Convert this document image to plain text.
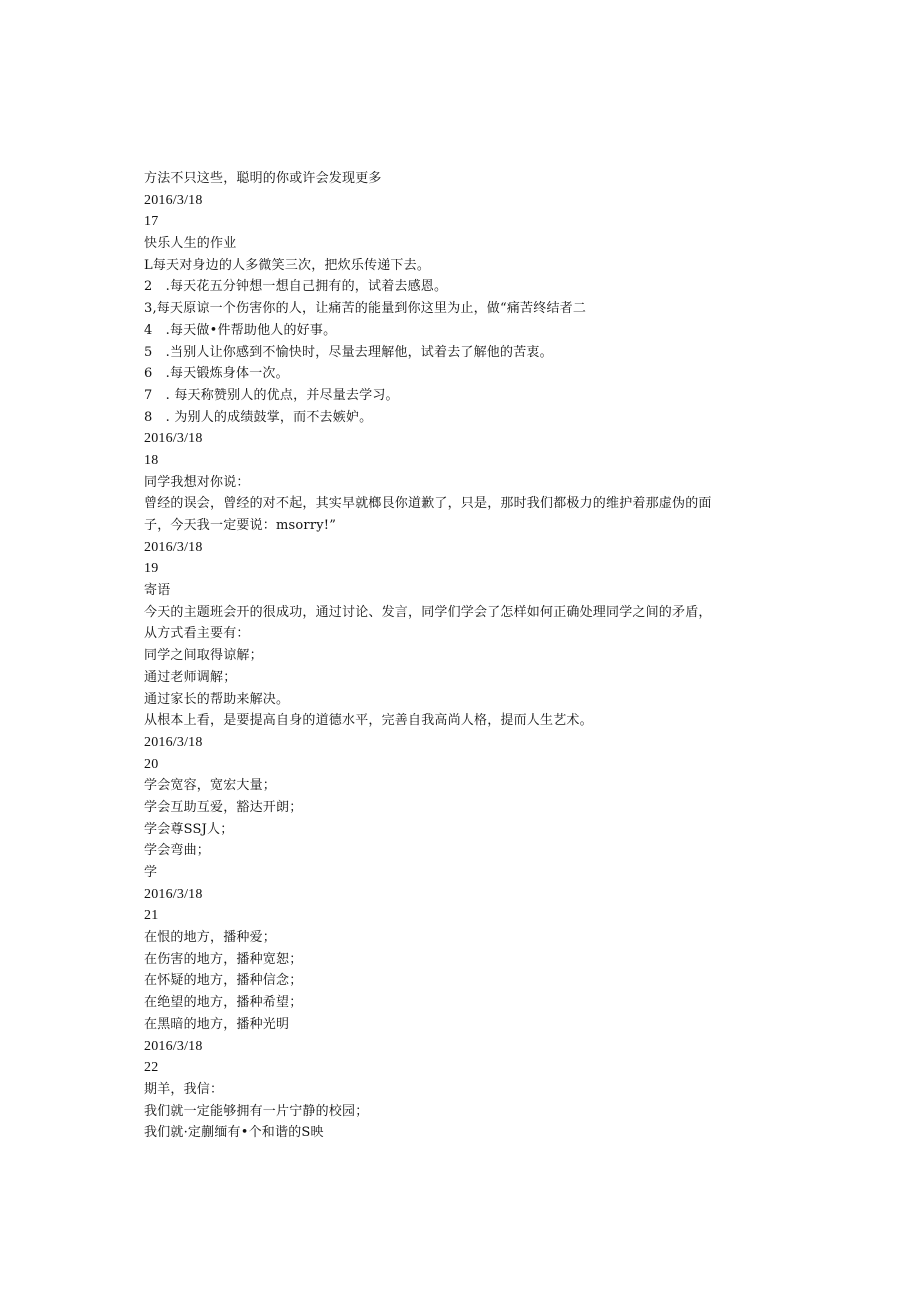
方法不只这些，聪明的你或许会发现更多
2016/3/18
17
快乐人生的作业
L每天对身边的人多微笑三次，把炊乐传递下去。
2　.每天花五分钟想一想自己拥有的，试着去感恩。
3,每天原谅一个伤害你的人，让痛苦的能量到你这里为止，做“痛苦终结者二
4　.每天做•件帮助他人的好事。
5　.当别人让你感到不愉快时，尽量去理解他，试着去了解他的苦衷。
6　.每天锻炼身体一次。
7　. 每天称赞别人的优点，并尽量去学习。
8　. 为别人的成绩鼓掌，而不去嫉妒。
2016/3/18
18
同学我想对你说：
曾经的误会，曾经的对不起，其实早就榔艮你道歉了，只是，那时我们都极力的维护着那虚伪的面
子，今天我一定要说：msorry!”
2016/3/18
19
寄语
今天的主题班会开的很成功，通过讨论、发言，同学们学会了怎样如何正确处理同学之间的矛盾，
从方式看主要有：
同学之间取得谅解；
通过老师调解；
通过家长的帮助来解决。
从根本上看，是要提高自身的道德水平，完善自我高尚人格，提而人生艺术。
2016/3/18
20
学会宽容，宽宏大量；
学会互助互爱，豁达开朗；
学会尊SSJ人；
学会弯曲；
学
2016/3/18
21
在恨的地方，播种爱；
在伤害的地方，播种宽恕；
在怀疑的地方，播种信念；
在绝望的地方，播种希望；
在黑暗的地方，播种光明
2016/3/18
22
期羊，我信：
我们就一定能够拥有一片宁静的校园；
我们就·定蒯缅有•个和谐的S映
